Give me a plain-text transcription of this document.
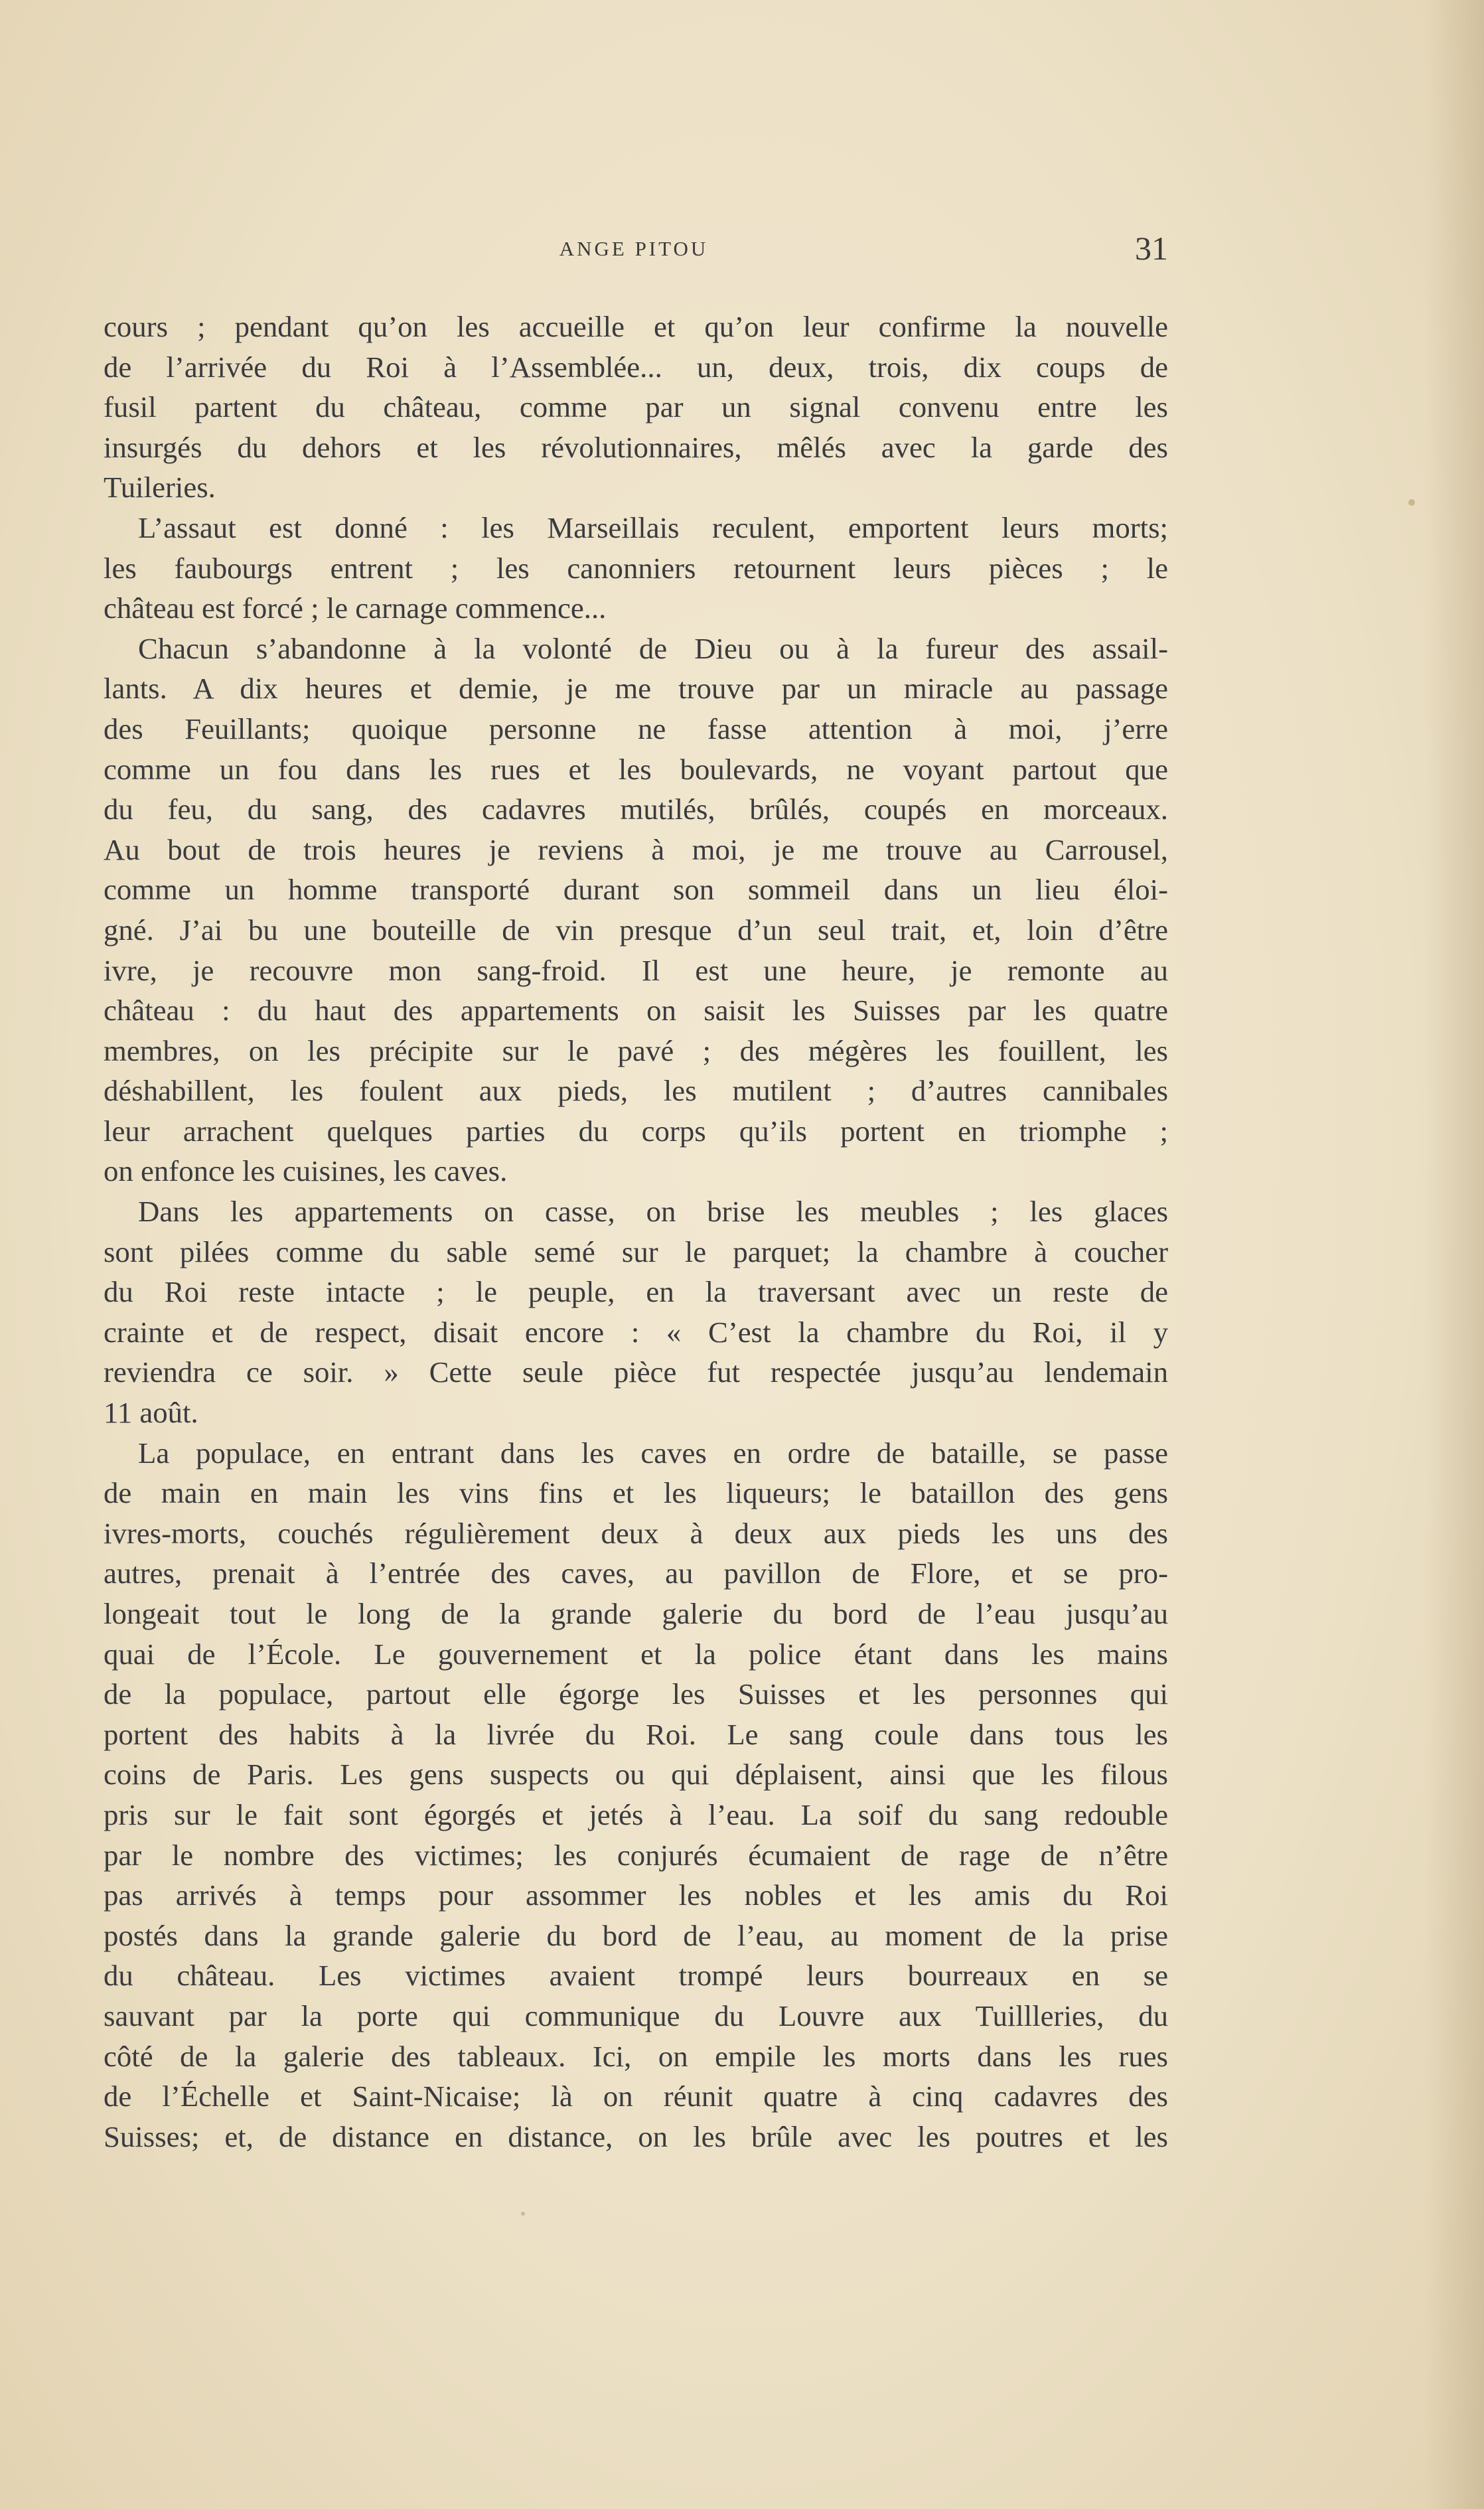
ANGE PITOU	31
cours ; pendant qu’on les accueille et qu’on leur confirme la nouvelle
de l’arrivée du Roi à l’Assemblée... un, deux, trois, dix coups de
fusil partent du château, comme par un signal convenu entre les
insurgés du dehors et les révolutionnaires, mêlés avec la garde des
Tuileries.
L’assaut est donné : les Marseillais reculent, emportent leurs morts;
les faubourgs entrent ; les canonniers retournent leurs pièces ; le
château est forcé ; le carnage commence...
Chacun s’abandonne à la volonté de Dieu ou à la fureur des assail-
lants. A dix heures et demie, je me trouve par un miracle au passage
des Feuillants; quoique personne ne fasse attention à moi, j’erre
comme un fou dans les rues et les boulevards, ne voyant partout que
du feu, du sang, des cadavres mutilés, brûlés, coupés en morceaux.
Au bout de trois heures je reviens à moi, je me trouve au Carrousel,
comme un homme transporté durant son sommeil dans un lieu éloi-
gné. J’ai bu une bouteille de vin presque d’un seul trait, et, loin d’être
ivre, je recouvre mon sang-froid. Il est une heure, je remonte au
château : du haut des appartements on saisit les Suisses par les quatre
membres, on les précipite sur le pavé ; des mégères les fouillent, les
déshabillent, les foulent aux pieds, les mutilent ; d’autres cannibales
leur arrachent quelques parties du corps qu’ils portent en triomphe ;
on enfonce les cuisines, les caves.
Dans les appartements on casse, on brise les meubles ; les glaces
sont pilées comme du sable semé sur le parquet; la chambre à coucher
du Roi reste intacte ; le peuple, en la traversant avec un reste de
crainte et de respect, disait encore : « C’est la chambre du Roi, il y
reviendra ce soir. » Cette seule pièce fut respectée jusqu’au lendemain
11 août.
La populace, en entrant dans les caves en ordre de bataille, se passe
de main en main les vins fins et les liqueurs; le bataillon des gens
ivres-morts, couchés régulièrement deux à deux aux pieds les uns des
autres, prenait à l’entrée des caves, au pavillon de Flore, et se pro-
longeait tout le long de la grande galerie du bord de l’eau jusqu’au
quai de l’École. Le gouvernement et la police étant dans les mains
de la populace, partout elle égorge les Suisses et les personnes qui
portent des habits à la livrée du Roi. Le sang coule dans tous les
coins de Paris. Les gens suspects ou qui déplaisent, ainsi que les filous
pris sur le fait sont égorgés et jetés à l’eau. La soif du sang redouble
par le nombre des victimes; les conjurés écumaient de rage de n’être
pas arrivés à temps pour assommer les nobles et les amis du Roi
postés dans la grande galerie du bord de l’eau, au moment de la prise
du château. Les victimes avaient trompé leurs bourreaux en se
sauvant par la porte qui communique du Louvre aux Tuillleries, du
côté de la galerie des tableaux. Ici, on empile les morts dans les rues
de l’Échelle et Saint-Nicaise; là on réunit quatre à cinq cadavres des
Suisses; et, de distance en distance, on les brûle avec les poutres et les
